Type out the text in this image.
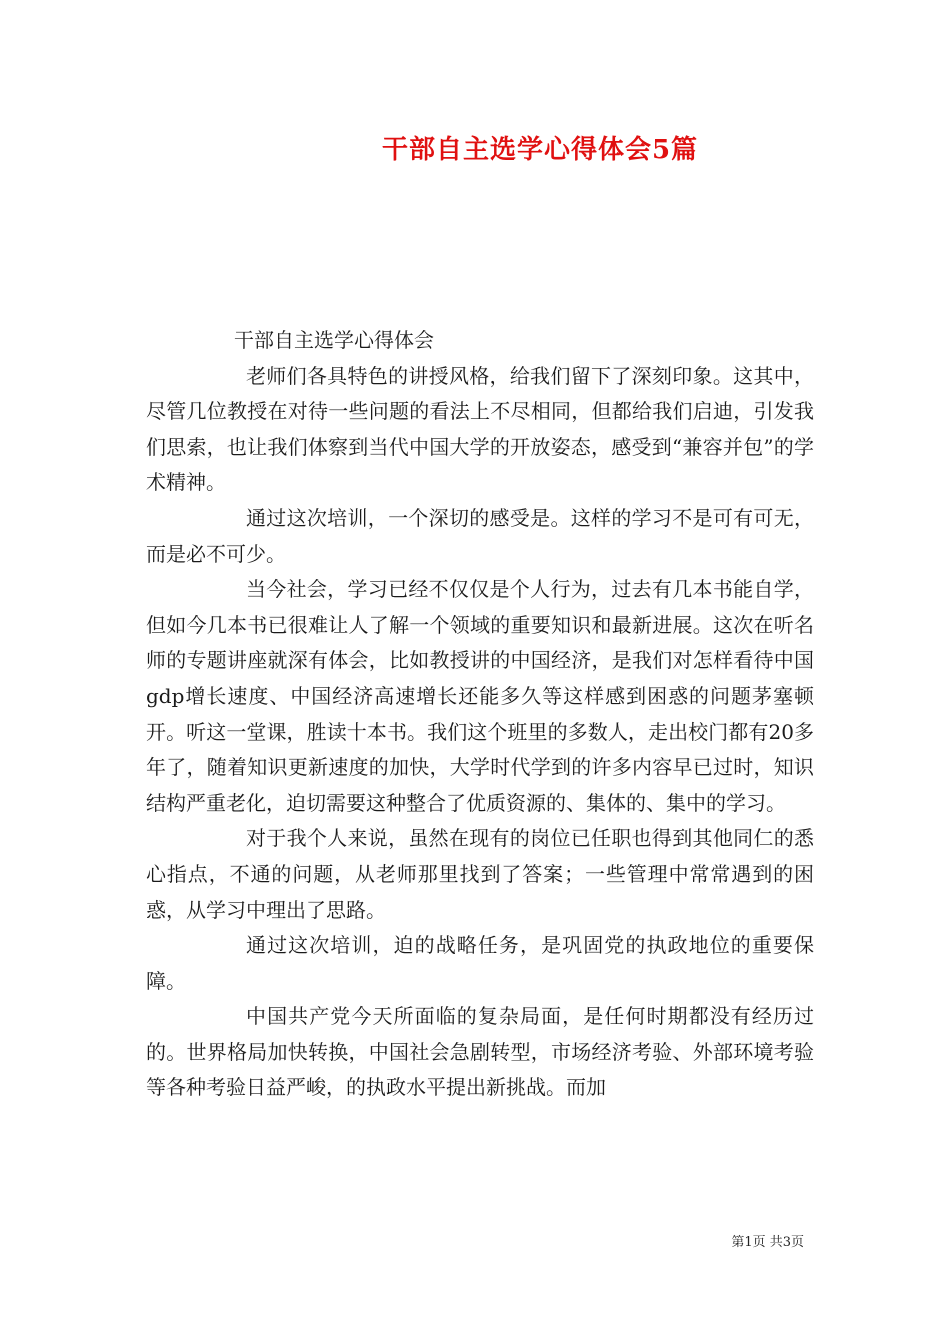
干部自主选学心得体会5篇

干部自主选学心得体会

老师们各具特色的讲授风格，给我们留下了深刻印象。这其中，尽管几位教授在对待一些问题的看法上不尽相同，但都给我们启迪，引发我们思索，也让我们体察到当代中国大学的开放姿态，感受到“兼容并包”的学术精神。

通过这次培训，一个深切的感受是。这样的学习不是可有可无，而是必不可少。

当今社会，学习已经不仅仅是个人行为，过去有几本书能自学，但如今几本书已很难让人了解一个领域的重要知识和最新进展。这次在听名师的专题讲座就深有体会，比如教授讲的中国经济，是我们对怎样看待中国gdp增长速度、中国经济高速增长还能多久等这样感到困惑的问题茅塞顿开。听这一堂课，胜读十本书。我们这个班里的多数人，走出校门都有20多年了，随着知识更新速度的加快，大学时代学到的许多内容早已过时，知识结构严重老化，迫切需要这种整合了优质资源的、集体的、集中的学习。

对于我个人来说，虽然在现有的岗位已任职也得到其他同仁的悉心指点，不通的问题，从老师那里找到了答案；一些管理中常常遇到的困惑，从学习中理出了思路。

通过这次培训，迫的战略任务，是巩固党的执政地位的重要保障。

中国共产党今天所面临的复杂局面，是任何时期都没有经历过的。世界格局加快转换，中国社会急剧转型，市场经济考验、外部环境考验等各种考验日益严峻，的执政水平提出新挑战。而加

第1页 共3页
